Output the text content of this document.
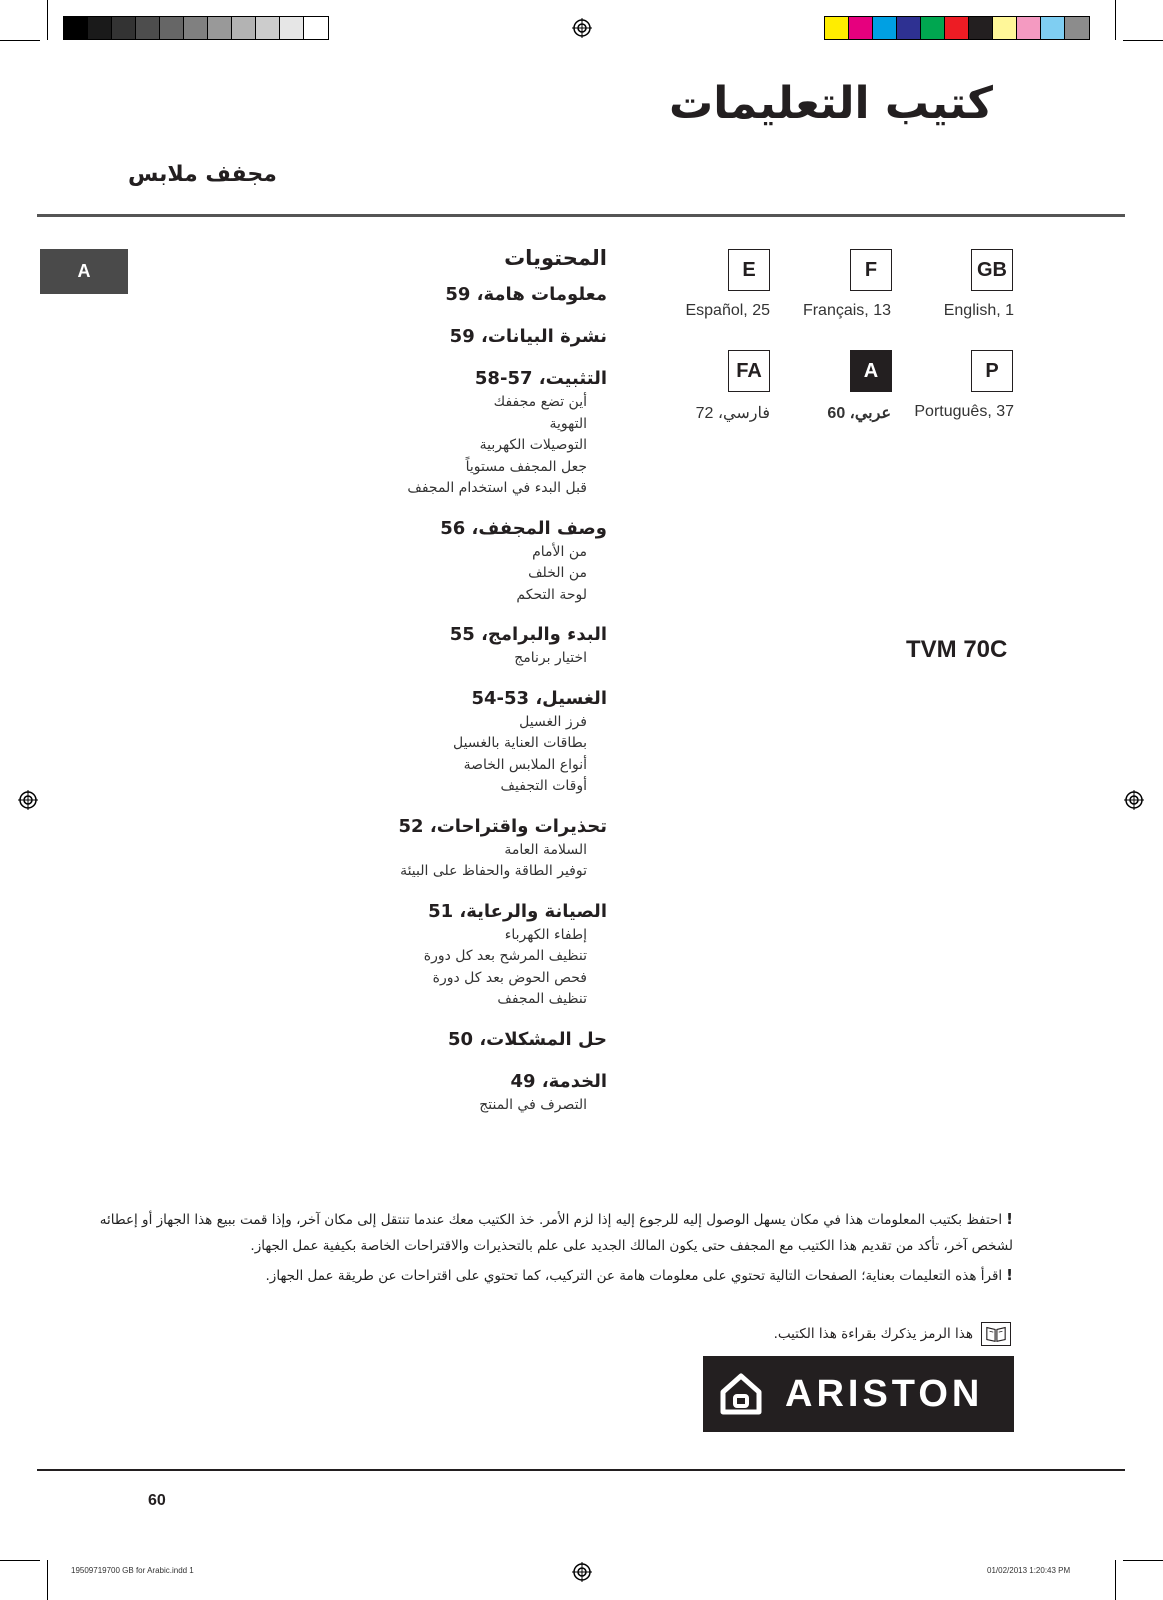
كتيب التعليمات
مجفف ملابس
A	GB
English, 1
F
Français, 13
E
Español, 25
P
Português, 37
A
عربي، 60
FA
فارسي، 72
المحتويات
معلومات هامة، 59
نشرة البيانات، 59
التثبيت، 57-58
أين تضع مجففك
التهوية
التوصيلات الكهربية
جعل المجفف مستوياً
قبل البدء في استخدام المجفف
وصف المجفف، 56
من الأمام
من الخلف
لوحة التحكم
البدء والبرامج، 55
اختيار برنامج
الغسيل، 53-54
فرز الغسيل
بطاقات العناية بالغسيل
أنواع الملابس الخاصة
أوقات التجفيف
تحذيرات واقتراحات، 52
السلامة العامة
توفير الطاقة والحفاظ على البيئة
الصيانة والرعاية، 51
إطفاء الكهرباء
تنظيف المرشح بعد كل دورة
فحص الحوض بعد كل دورة
تنظيف المجفف
حل المشكلات، 50
الخدمة، 49
التصرف في المنتج
TVM 70C
!احتفظ بكتيب المعلومات هذا في مكان يسهل الوصول إليه للرجوع إليه إذا لزم الأمر. خذ الكتيب معك عندما تنتقل إلى مكان آخر، وإذا قمت ببيع هذا الجهاز أو إعطائه
لشخص آخر، تأكد من تقديم هذا الكتيب مع المجفف حتى يكون المالك الجديد على علم بالتحذيرات والاقتراحات الخاصة بكيفية عمل الجهاز.
!اقرأ هذه التعليمات بعناية؛ الصفحات التالية تحتوي على معلومات هامة عن التركيب، كما تحتوي على اقتراحات عن طريقة عمل الجهاز.
هذا الرمز يذكرك بقراءة هذا الكتيب.
ARISTON
60
19509719700 GB for Arabic.indd 1	01/02/2013 1:20:43 PM
